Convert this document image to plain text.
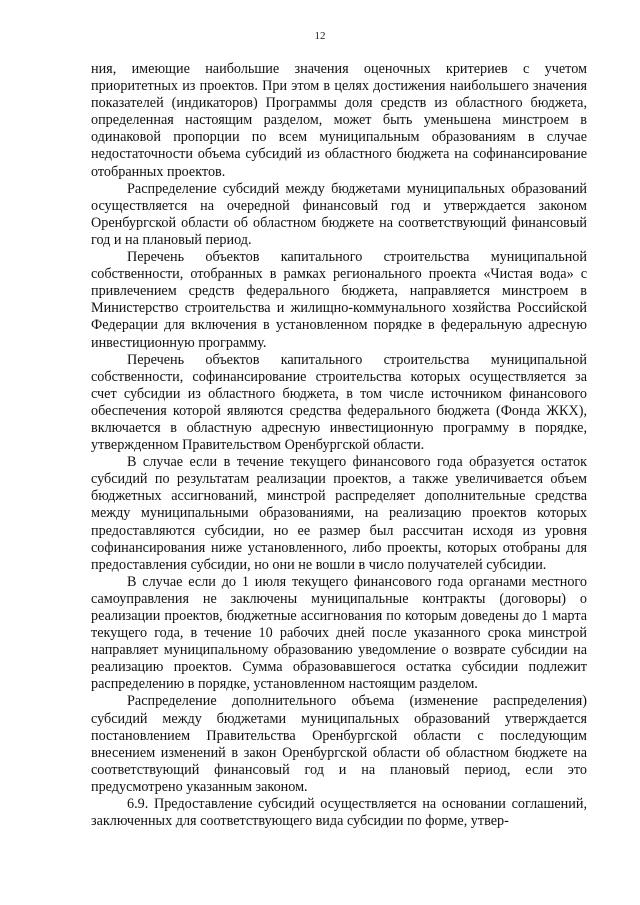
12

ния, имеющие наибольшие значения оценочных критериев с учетом приоритетных из проектов. При этом в целях достижения наибольшего значения показателей (индикаторов) Программы доля средств из областного бюджета, определенная настоящим разделом, может быть уменьшена минстроем в одинаковой пропорции по всем муниципальным образованиям в случае недостаточности объема субсидий из областного бюджета на софинансирование отобранных проектов.

Распределение субсидий между бюджетами муниципальных образований осуществляется на очередной финансовый год и утверждается законом Оренбургской области об областном бюджете на соответствующий финансовый год и на плановый период.

Перечень объектов капитального строительства муниципальной собственности, отобранных в рамках регионального проекта «Чистая вода» с привлечением средств федерального бюджета, направляется минстроем в Министерство строительства и жилищно-коммунального хозяйства Российской Федерации для включения в установленном порядке в федеральную адресную инвестиционную программу.

Перечень объектов капитального строительства муниципальной собственности, софинансирование строительства которых осуществляется за счет субсидии из областного бюджета, в том числе источником финансового обеспечения которой являются средства федерального бюджета (Фонда ЖКХ), включается в областную адресную инвестиционную программу в порядке, утвержденном Правительством Оренбургской области.

В случае если в течение текущего финансового года образуется остаток субсидий по результатам реализации проектов, а также увеличивается объем бюджетных ассигнований, минстрой распределяет дополнительные средства между муниципальными образованиями, на реализацию проектов которых предоставляются субсидии, но ее размер был рассчитан исходя из уровня софинансирования ниже установленного, либо проекты, которых отобраны для предоставления субсидии, но они не вошли в число получателей субсидии.

В случае если до 1 июля текущего финансового года органами местного самоуправления не заключены муниципальные контракты (договоры) о реализации проектов, бюджетные ассигнования по которым доведены до 1 марта текущего года, в течение 10 рабочих дней после указанного срока минстрой направляет муниципальному образованию уведомление о возврате субсидии на реализацию проектов. Сумма образовавшегося остатка субсидии подлежит распределению в порядке, установленном настоящим разделом.

Распределение дополнительного объема (изменение распределения) субсидий между бюджетами муниципальных образований утверждается постановлением Правительства Оренбургской области с последующим внесением изменений в закон Оренбургской области об областном бюджете на соответствующий финансовый год и на плановый период, если это предусмотрено указанным законом.

6.9. Предоставление субсидий осуществляется на основании соглашений, заключенных для соответствующего вида субсидии по форме, утвер-
